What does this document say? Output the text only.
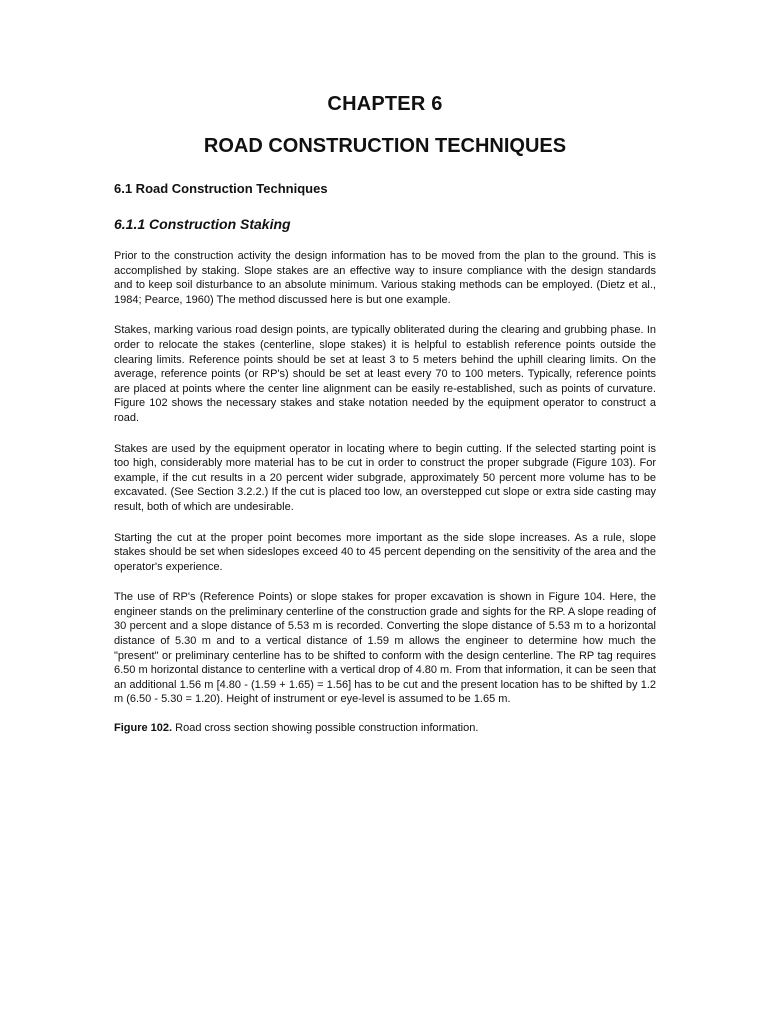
CHAPTER 6
ROAD CONSTRUCTION TECHNIQUES
6.1 Road Construction Techniques
6.1.1 Construction Staking

Prior to the construction activity the design information has to be moved from the plan to the ground. This is accomplished by staking. Slope stakes are an effective way to insure compliance with the design standards and to keep soil disturbance to an absolute minimum. Various staking methods can be employed. (Dietz et al., 1984; Pearce, 1960) The method discussed here is but one example.

Stakes, marking various road design points, are typically obliterated during the clearing and grubbing phase. In order to relocate the stakes (centerline, slope stakes) it is helpful to establish reference points outside the clearing limits. Reference points should be set at least 3 to 5 meters behind the uphill clearing limits. On the average, reference points (or RP's) should be set at least every 70 to 100 meters. Typically, reference points are placed at points where the center line alignment can be easily re-established, such as points of curvature. Figure 102 shows the necessary stakes and stake notation needed by the equipment operator to construct a road.

Stakes are used by the equipment operator in locating where to begin cutting. If the selected starting point is too high, considerably more material has to be cut in order to construct the proper subgrade (Figure 103). For example, if the cut results in a 20 percent wider subgrade, approximately 50 percent more volume has to be excavated. (See Section 3.2.2.) If the cut is placed too low, an overstepped cut slope or extra side casting may result, both of which are undesirable.

Starting the cut at the proper point becomes more important as the side slope increases. As a rule, slope stakes should be set when sideslopes exceed 40 to 45 percent depending on the sensitivity of the area and the operator's experience.

The use of RP's (Reference Points) or slope stakes for proper excavation is shown in Figure 104. Here, the engineer stands on the preliminary centerline of the construction grade and sights for the RP. A slope reading of 30 percent and a slope distance of 5.53 m is recorded. Converting the slope distance of 5.53 m to a horizontal distance of 5.30 m and to a vertical distance of 1.59 m allows the engineer to determine how much the "present" or preliminary centerline has to be shifted to conform with the design centerline. The RP tag requires 6.50 m horizontal distance to centerline with a vertical drop of 4.80 m. From that information, it can be seen that an additional 1.56 m [4.80 - (1.59 + 1.65) = 1.56] has to be cut and the present location has to be shifted by 1.2 m (6.50 - 5.30 = 1.20). Height of instrument or eye-level is assumed to be 1.65 m.

Figure 102. Road cross section showing possible construction information.
